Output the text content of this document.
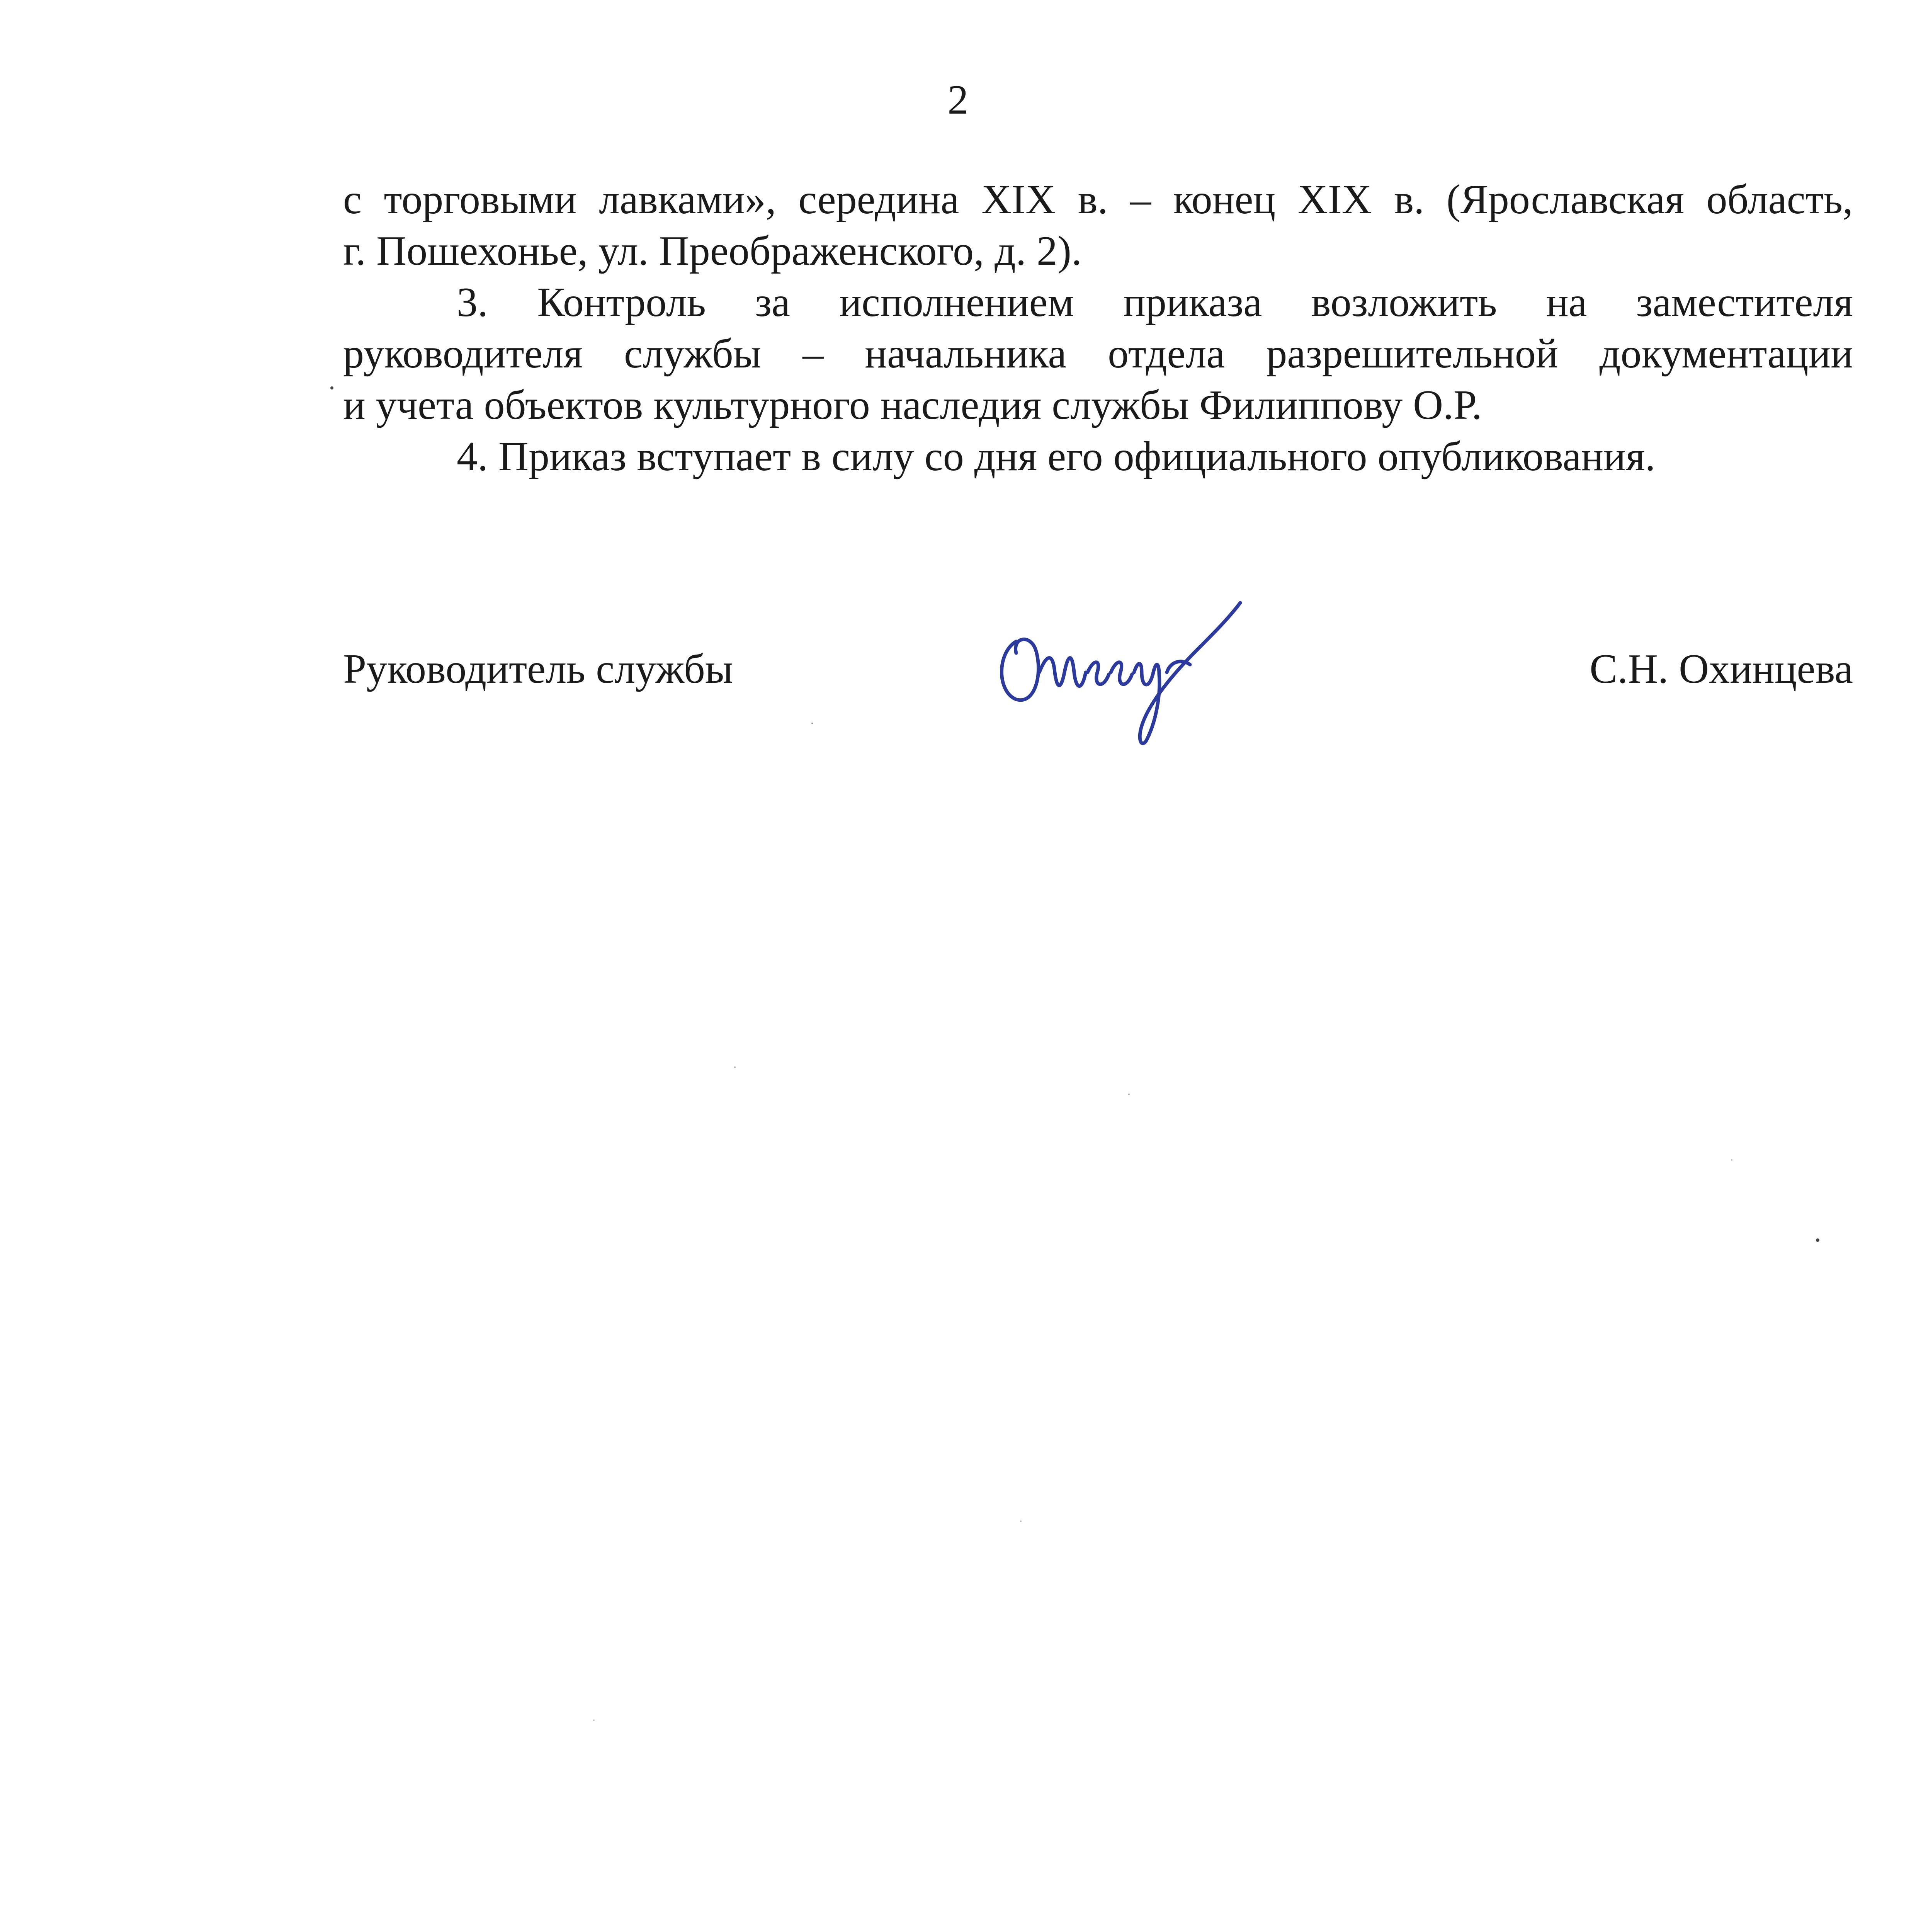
2
с торговыми лавками», середина XIX в. – конец XIX в. (Ярославская область,
г. Пошехонье, ул. Преображенского, д. 2).
3. Контроль за исполнением приказа возложить на заместителя
руководителя службы – начальника отдела разрешительной документации
и учета объектов культурного наследия службы Филиппову О.Р.
4. Приказ вступает в силу со дня его официального опубликования.
Руководитель службы	С.Н. Охинцева
